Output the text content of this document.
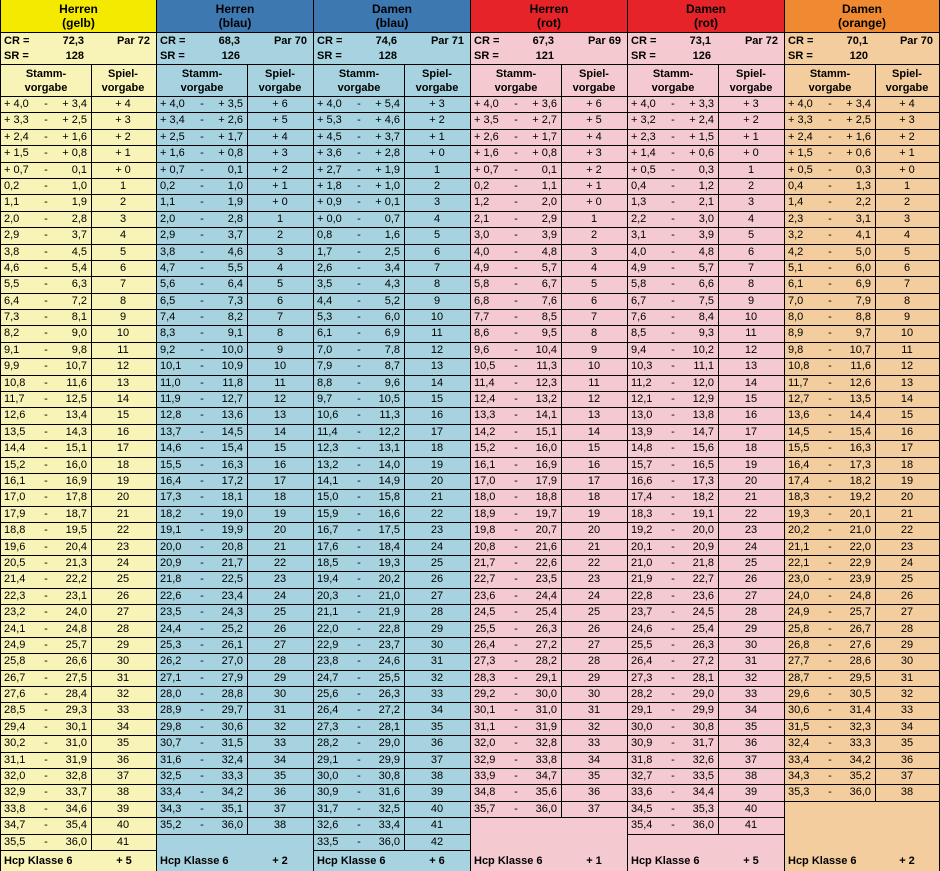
Herren
(gelb)
CR =	72,3	Par 72
SR =	128
Stamm-
vorgabe
Spiel-
vorgabe
+ 4,0	-	+ 3,4	+ 4
+ 3,3	-	+ 2,5	+ 3
+ 2,4	-	+ 1,6	+ 2
+ 1,5	-	+ 0,8	+ 1
+ 0,7	-	0,1	+ 0
0,2	-	1,0	1
1,1	-	1,9	2
2,0	-	2,8	3
2,9	-	3,7	4
3,8	-	4,5	5
4,6	-	5,4	6
5,5	-	6,3	7
6,4	-	7,2	8
7,3	-	8,1	9
8,2	-	9,0	10
9,1	-	9,8	11
9,9	-	10,7	12
10,8	-	11,6	13
11,7	-	12,5	14
12,6	-	13,4	15
13,5	-	14,3	16
14,4	-	15,1	17
15,2	-	16,0	18
16,1	-	16,9	19
17,0	-	17,8	20
17,9	-	18,7	21
18,8	-	19,5	22
19,6	-	20,4	23
20,5	-	21,3	24
21,4	-	22,2	25
22,3	-	23,1	26
23,2	-	24,0	27
24,1	-	24,8	28
24,9	-	25,7	29
25,8	-	26,6	30
26,7	-	27,5	31
27,6	-	28,4	32
28,5	-	29,3	33
29,4	-	30,1	34
30,2	-	31,0	35
31,1	-	31,9	36
32,0	-	32,8	37
32,9	-	33,7	38
33,8	-	34,6	39
34,7	-	35,4	40
35,5	-	36,0	41
Hcp Klasse 6	+ 5
Herren
(blau)
CR =	68,3	Par 70
SR =	126
Stamm-
vorgabe
Spiel-
vorgabe
+ 4,0	-	+ 3,5	+ 6
+ 3,4	-	+ 2,6	+ 5
+ 2,5	-	+ 1,7	+ 4
+ 1,6	-	+ 0,8	+ 3
+ 0,7	-	0,1	+ 2
0,2	-	1,0	+ 1
1,1	-	1,9	+ 0
2,0	-	2,8	1
2,9	-	3,7	2
3,8	-	4,6	3
4,7	-	5,5	4
5,6	-	6,4	5
6,5	-	7,3	6
7,4	-	8,2	7
8,3	-	9,1	8
9,2	-	10,0	9
10,1	-	10,9	10
11,0	-	11,8	11
11,9	-	12,7	12
12,8	-	13,6	13
13,7	-	14,5	14
14,6	-	15,4	15
15,5	-	16,3	16
16,4	-	17,2	17
17,3	-	18,1	18
18,2	-	19,0	19
19,1	-	19,9	20
20,0	-	20,8	21
20,9	-	21,7	22
21,8	-	22,5	23
22,6	-	23,4	24
23,5	-	24,3	25
24,4	-	25,2	26
25,3	-	26,1	27
26,2	-	27,0	28
27,1	-	27,9	29
28,0	-	28,8	30
28,9	-	29,7	31
29,8	-	30,6	32
30,7	-	31,5	33
31,6	-	32,4	34
32,5	-	33,3	35
33,4	-	34,2	36
34,3	-	35,1	37
35,2	-	36,0	38
Hcp Klasse 6	+ 2
Damen
(blau)
CR =	74,6	Par 71
SR =	128
Stamm-
vorgabe
Spiel-
vorgabe
+ 4,0	-	+ 5,4	+ 3
+ 5,3	-	+ 4,6	+ 2
+ 4,5	-	+ 3,7	+ 1
+ 3,6	-	+ 2,8	+ 0
+ 2,7	-	+ 1,9	1
+ 1,8	-	+ 1,0	2
+ 0,9	-	+ 0,1	3
+ 0,0	-	0,7	4
0,8	-	1,6	5
1,7	-	2,5	6
2,6	-	3,4	7
3,5	-	4,3	8
4,4	-	5,2	9
5,3	-	6,0	10
6,1	-	6,9	11
7,0	-	7,8	12
7,9	-	8,7	13
8,8	-	9,6	14
9,7	-	10,5	15
10,6	-	11,3	16
11,4	-	12,2	17
12,3	-	13,1	18
13,2	-	14,0	19
14,1	-	14,9	20
15,0	-	15,8	21
15,9	-	16,6	22
16,7	-	17,5	23
17,6	-	18,4	24
18,5	-	19,3	25
19,4	-	20,2	26
20,3	-	21,0	27
21,1	-	21,9	28
22,0	-	22,8	29
22,9	-	23,7	30
23,8	-	24,6	31
24,7	-	25,5	32
25,6	-	26,3	33
26,4	-	27,2	34
27,3	-	28,1	35
28,2	-	29,0	36
29,1	-	29,9	37
30,0	-	30,8	38
30,9	-	31,6	39
31,7	-	32,5	40
32,6	-	33,4	41
33,5	-	36,0	42
Hcp Klasse 6	+ 6
Herren
(rot)
CR =	67,3	Par 69
SR =	121
Stamm-
vorgabe
Spiel-
vorgabe
+ 4,0	-	+ 3,6	+ 6
+ 3,5	-	+ 2,7	+ 5
+ 2,6	-	+ 1,7	+ 4
+ 1,6	-	+ 0,8	+ 3
+ 0,7	-	0,1	+ 2
0,2	-	1,1	+ 1
1,2	-	2,0	+ 0
2,1	-	2,9	1
3,0	-	3,9	2
4,0	-	4,8	3
4,9	-	5,7	4
5,8	-	6,7	5
6,8	-	7,6	6
7,7	-	8,5	7
8,6	-	9,5	8
9,6	-	10,4	9
10,5	-	11,3	10
11,4	-	12,3	11
12,4	-	13,2	12
13,3	-	14,1	13
14,2	-	15,1	14
15,2	-	16,0	15
16,1	-	16,9	16
17,0	-	17,9	17
18,0	-	18,8	18
18,9	-	19,7	19
19,8	-	20,7	20
20,8	-	21,6	21
21,7	-	22,6	22
22,7	-	23,5	23
23,6	-	24,4	24
24,5	-	25,4	25
25,5	-	26,3	26
26,4	-	27,2	27
27,3	-	28,2	28
28,3	-	29,1	29
29,2	-	30,0	30
30,1	-	31,0	31
31,1	-	31,9	32
32,0	-	32,8	33
32,9	-	33,8	34
33,9	-	34,7	35
34,8	-	35,6	36
35,7	-	36,0	37
Hcp Klasse 6	+ 1
Damen
(rot)
CR =	73,1	Par 72
SR =	126
Stamm-
vorgabe
Spiel-
vorgabe
+ 4,0	-	+ 3,3	+ 3
+ 3,2	-	+ 2,4	+ 2
+ 2,3	-	+ 1,5	+ 1
+ 1,4	-	+ 0,6	+ 0
+ 0,5	-	0,3	1
0,4	-	1,2	2
1,3	-	2,1	3
2,2	-	3,0	4
3,1	-	3,9	5
4,0	-	4,8	6
4,9	-	5,7	7
5,8	-	6,6	8
6,7	-	7,5	9
7,6	-	8,4	10
8,5	-	9,3	11
9,4	-	10,2	12
10,3	-	11,1	13
11,2	-	12,0	14
12,1	-	12,9	15
13,0	-	13,8	16
13,9	-	14,7	17
14,8	-	15,6	18
15,7	-	16,5	19
16,6	-	17,3	20
17,4	-	18,2	21
18,3	-	19,1	22
19,2	-	20,0	23
20,1	-	20,9	24
21,0	-	21,8	25
21,9	-	22,7	26
22,8	-	23,6	27
23,7	-	24,5	28
24,6	-	25,4	29
25,5	-	26,3	30
26,4	-	27,2	31
27,3	-	28,1	32
28,2	-	29,0	33
29,1	-	29,9	34
30,0	-	30,8	35
30,9	-	31,7	36
31,8	-	32,6	37
32,7	-	33,5	38
33,6	-	34,4	39
34,5	-	35,3	40
35,4	-	36,0	41
Hcp Klasse 6	+ 5
Damen
(orange)
CR =	70,1	Par 70
SR =	120
Stamm-
vorgabe
Spiel-
vorgabe
+ 4,0	-	+ 3,4	+ 4
+ 3,3	-	+ 2,5	+ 3
+ 2,4	-	+ 1,6	+ 2
+ 1,5	-	+ 0,6	+ 1
+ 0,5	-	0,3	+ 0
0,4	-	1,3	1
1,4	-	2,2	2
2,3	-	3,1	3
3,2	-	4,1	4
4,2	-	5,0	5
5,1	-	6,0	6
6,1	-	6,9	7
7,0	-	7,9	8
8,0	-	8,8	9
8,9	-	9,7	10
9,8	-	10,7	11
10,8	-	11,6	12
11,7	-	12,6	13
12,7	-	13,5	14
13,6	-	14,4	15
14,5	-	15,4	16
15,5	-	16,3	17
16,4	-	17,3	18
17,4	-	18,2	19
18,3	-	19,2	20
19,3	-	20,1	21
20,2	-	21,0	22
21,1	-	22,0	23
22,1	-	22,9	24
23,0	-	23,9	25
24,0	-	24,8	26
24,9	-	25,7	27
25,8	-	26,7	28
26,8	-	27,6	29
27,7	-	28,6	30
28,7	-	29,5	31
29,6	-	30,5	32
30,6	-	31,4	33
31,5	-	32,3	34
32,4	-	33,3	35
33,4	-	34,2	36
34,3	-	35,2	37
35,3	-	36,0	38
Hcp Klasse 6	+ 2
